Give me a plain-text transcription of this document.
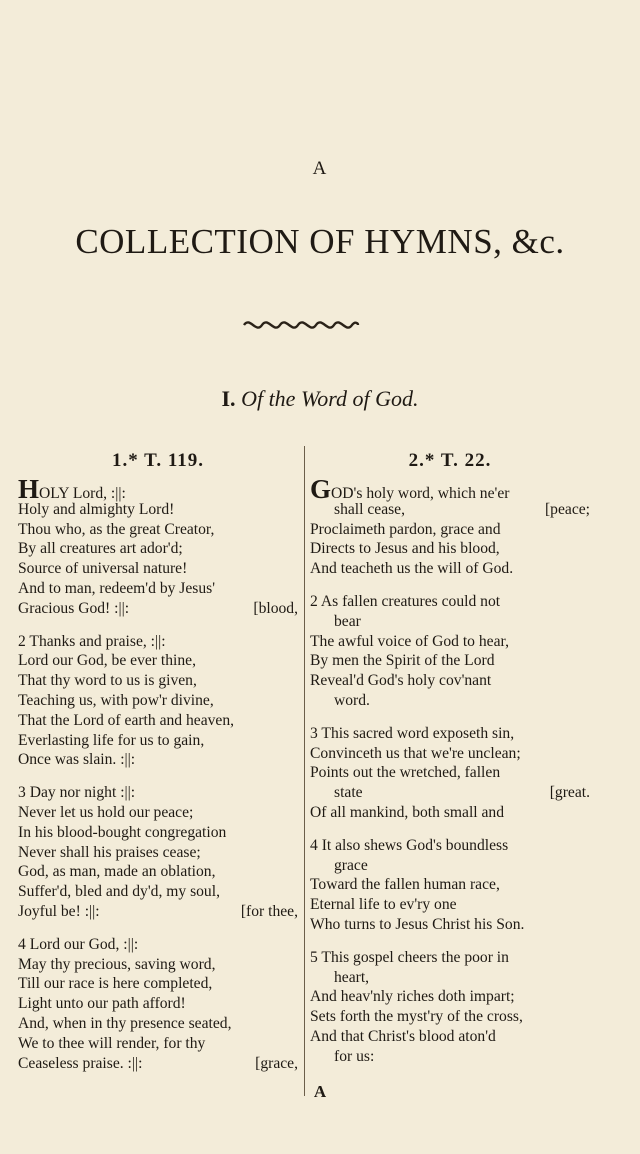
A
COLLECTION OF HYMNS, &c.
I. Of the Word of God.
1.* T. 119.
HOLY Lord, :||:
Holy and almighty Lord!
Thou who, as the great Creator,
By all creatures art ador'd;
Source of universal nature!
And to man, redeem'd by Jesus'
Gracious God! :||:	[blood,
2 Thanks and praise, :||:
Lord our God, be ever thine,
That thy word to us is given,
Teaching us, with pow'r divine,
That the Lord of earth and heaven,
Everlasting life for us to gain,
Once was slain. :||:
3 Day nor night :||:
Never let us hold our peace;
In his blood-bought congregation
Never shall his praises cease;
God, as man, made an oblation,
Suffer'd, bled and dy'd, my soul,
Joyful be! :||:	[for thee,
4 Lord our God, :||:
May thy precious, saving word,
Till our race is here completed,
Light unto our path afford!
And, when in thy presence seated,
We to thee will render, for thy
Ceaseless praise. :||:	[grace,
2.* T. 22.
GOD's holy word, which ne'er
shall cease,	[peace;
Proclaimeth pardon, grace and
Directs to Jesus and his blood,
And teacheth us the will of God.
2 As fallen creatures could not
bear
The awful voice of God to hear,
By men the Spirit of the Lord
Reveal'd God's holy cov'nant
word.
3 This sacred word exposeth sin,
Convinceth us that we're unclean;
Points out the wretched, fallen
state	[great.
Of all mankind, both small and
4 It also shews God's boundless
grace
Toward the fallen human race,
Eternal life to ev'ry one
Who turns to Jesus Christ his Son.
5 This gospel cheers the poor in
heart,
And heav'nly riches doth impart;
Sets forth the myst'ry of the cross,
And that Christ's blood aton'd
for us:
A
